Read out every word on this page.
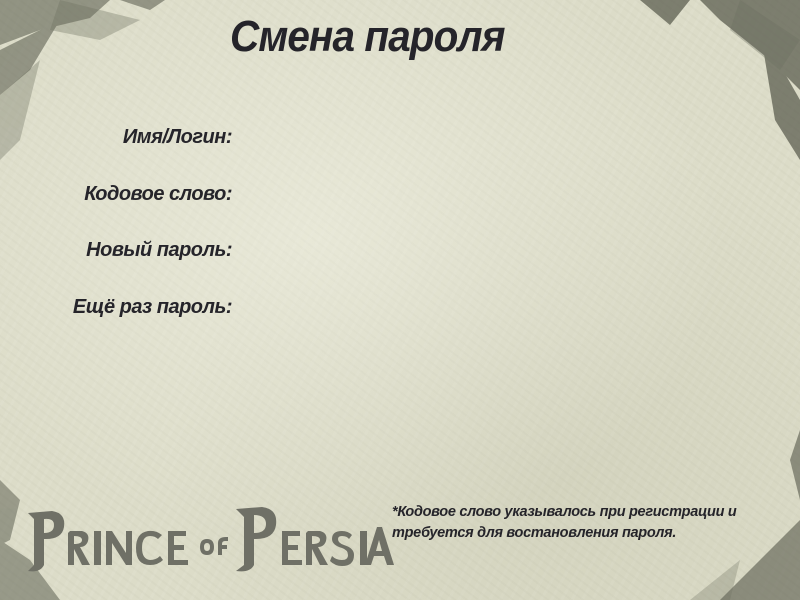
Смена пароля
Имя/Логин:
Кодовое слово:
Новый пароль:
Ещё раз пароль:
*Кодовое слово указывалось при регистрации и
требуется для востановления пароля.
